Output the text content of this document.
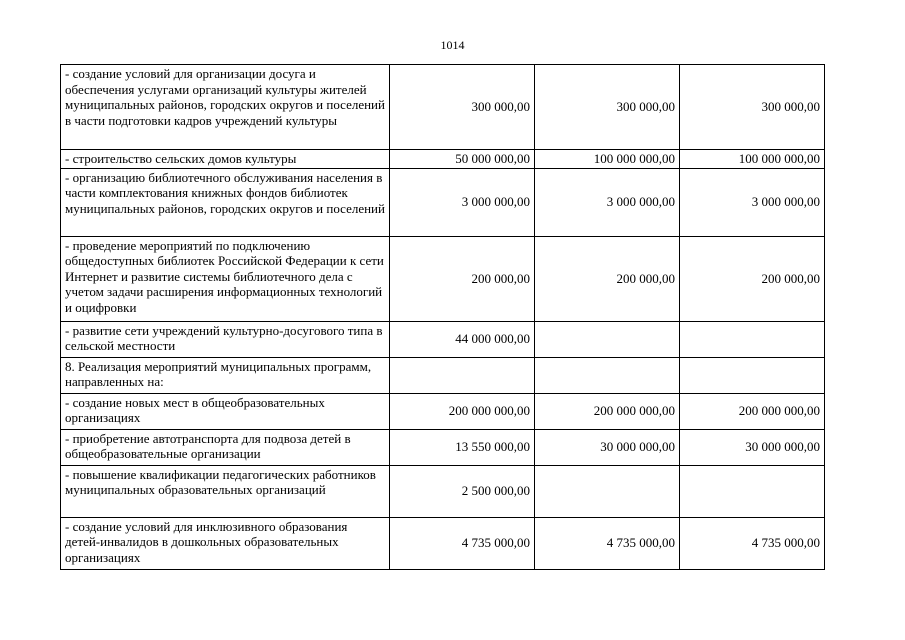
1014
- создание условий для организации досуга и обеспечения услугами организаций культуры жителей муниципальных районов, городских округов и поселений в части подготовки кадров учреждений культуры	300 000,00	300 000,00	300 000,00
- строительство сельских домов культуры	50 000 000,00	100 000 000,00	100 000 000,00
- организацию библиотечного обслуживания населения в части комплектования книжных фондов библиотек муниципальных районов, городских округов и поселений	3 000 000,00	3 000 000,00	3 000 000,00
- проведение мероприятий по подключению общедоступных библиотек Российской Федерации к сети Интернет и развитие системы библиотечного дела с учетом задачи расширения информационных технологий и оцифровки	200 000,00	200 000,00	200 000,00
- развитие сети учреждений культурно-досугового типа в сельской местности	44 000 000,00		
8. Реализация мероприятий муниципальных программ, направленных на:			
- создание новых мест в общеобразовательных организациях	200 000 000,00	200 000 000,00	200 000 000,00
- приобретение автотранспорта для подвоза детей в общеобразовательные организации	13 550 000,00	30 000 000,00	30 000 000,00
- повышение квалификации педагогических работников муниципальных образовательных организаций	2 500 000,00		
- создание условий для инклюзивного образования детей-инвалидов в дошкольных образовательных организациях	4 735 000,00	4 735 000,00	4 735 000,00
